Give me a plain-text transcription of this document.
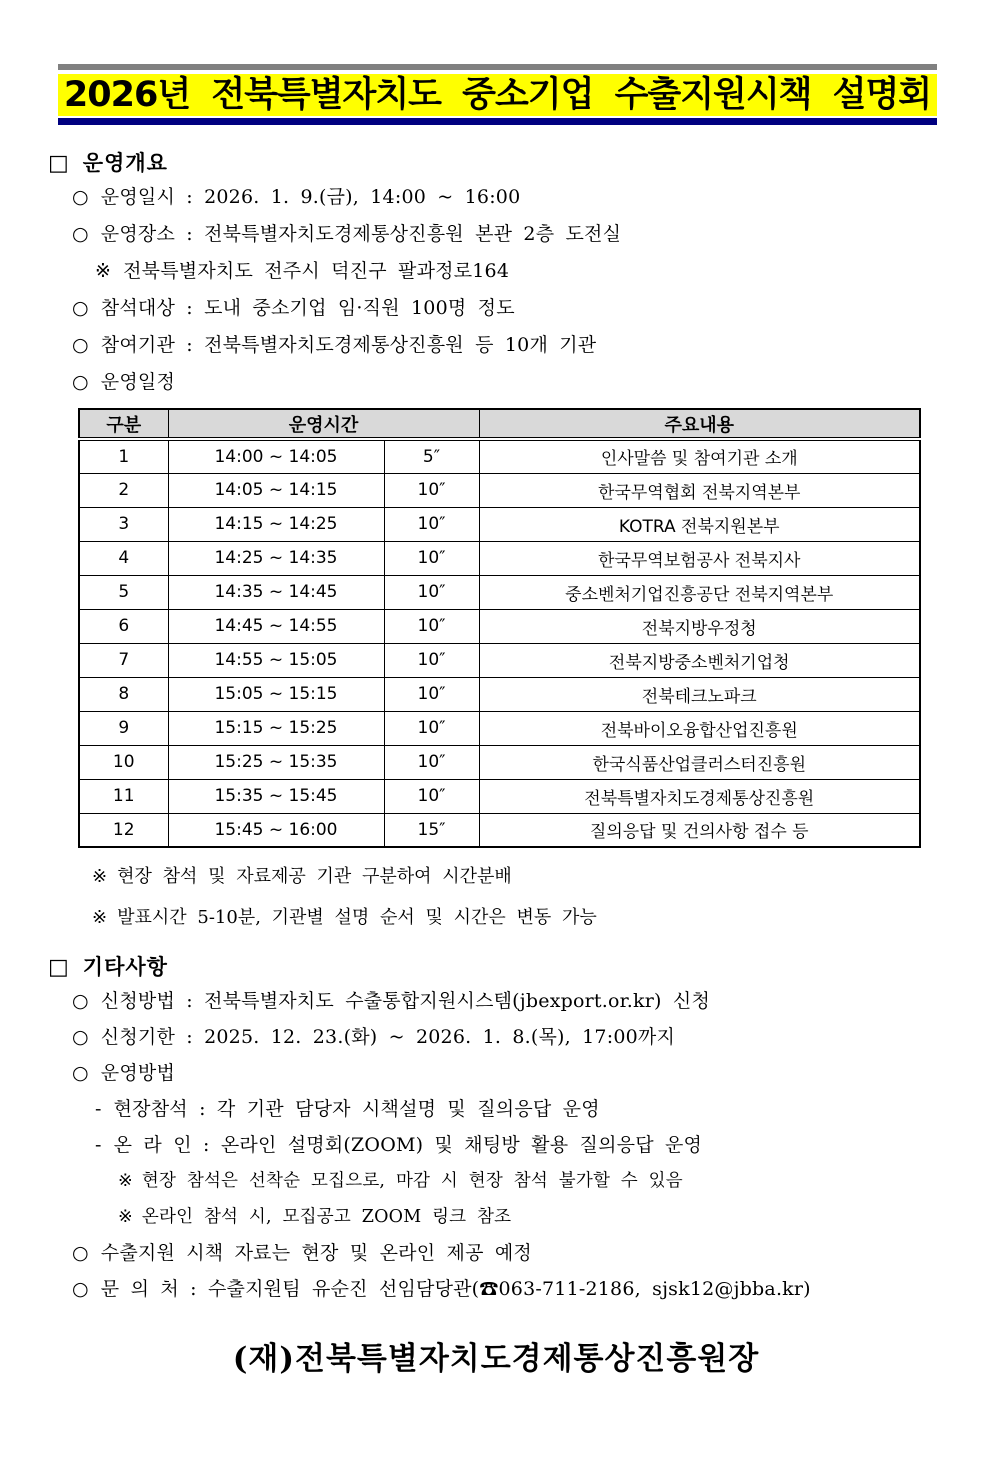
2026년 전북특별자치도 중소기업 수출지원시책 설명회
□ 운영개요
○ 운영일시 : 2026. 1. 9.(금), 14:00 ~ 16:00
○ 운영장소 : 전북특별자치도경제통상진흥원 본관 2층 도전실
※ 전북특별자치도 전주시 덕진구 팔과정로164
○ 참석대상 : 도내 중소기업 임·직원 100명 정도
○ 참여기관 : 전북특별자치도경제통상진흥원 등 10개 기관
○ 운영일정
구분	운영시간		주요내용
1	14:00 ~ 14:05	5″	인사말씀 및 참여기관 소개
2	14:05 ~ 14:15	10″	한국무역협회 전북지역본부
3	14:15 ~ 14:25	10″	KOTRA 전북지원본부
4	14:25 ~ 14:35	10″	한국무역보험공사 전북지사
5	14:35 ~ 14:45	10″	중소벤처기업진흥공단 전북지역본부
6	14:45 ~ 14:55	10″	전북지방우정청
7	14:55 ~ 15:05	10″	전북지방중소벤처기업청
8	15:05 ~ 15:15	10″	전북테크노파크
9	15:15 ~ 15:25	10″	전북바이오융합산업진흥원
10	15:25 ~ 15:35	10″	한국식품산업클러스터진흥원
11	15:35 ~ 15:45	10″	전북특별자치도경제통상진흥원
12	15:45 ~ 16:00	15″	질의응답 및 건의사항 접수 등
※ 현장 참석 및 자료제공 기관 구분하여 시간분배
※ 발표시간 5-10분, 기관별 설명 순서 및 시간은 변동 가능
□ 기타사항
○ 신청방법 : 전북특별자치도 수출통합지원시스템(jbexport.or.kr) 신청
○ 신청기한 : 2025. 12. 23.(화) ~ 2026. 1. 8.(목), 17:00까지
○ 운영방법
- 현장참석 : 각 기관 담당자 시책설명 및 질의응답 운영
- 온 라 인 : 온라인 설명회(ZOOM) 및 채팅방 활용 질의응답 운영
※ 현장 참석은 선착순 모집으로, 마감 시 현장 참석 불가할 수 있음
※ 온라인 참석 시, 모집공고 ZOOM 링크 참조
○ 수출지원 시책 자료는 현장 및 온라인 제공 예정
○ 문 의 처 : 수출지원팀 유순진 선임담당관(☎063-711-2186, sjsk12@jbba.kr)
(재)전북특별자치도경제통상진흥원장
